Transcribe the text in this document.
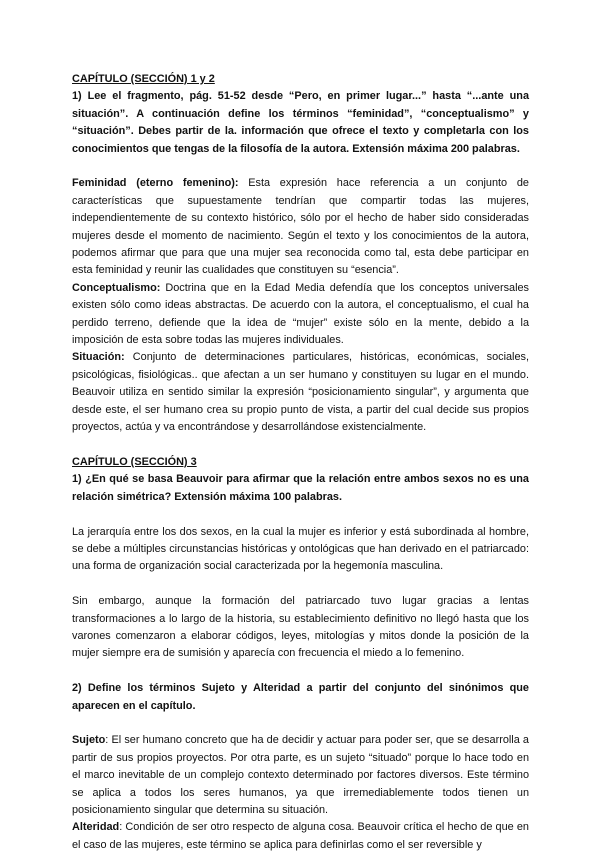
CAPÍTULO (SECCIÓN) 1 y 2

1) Lee el fragmento, pág. 51-52 desde “Pero, en primer lugar...” hasta “...ante una situación”. A continuación define los términos “feminidad”, “conceptualismo” y “situación”. Debes partir de la. información que ofrece el texto y completarla con los conocimientos que tengas de la filosofía de la autora. Extensión máxima 200 palabras.

Feminidad (eterno femenino): Esta expresión hace referencia a un conjunto de características que supuestamente tendrían que compartir todas las mujeres, independientemente de su contexto histórico, sólo por el hecho de haber sido consideradas mujeres desde el momento de nacimiento. Según el texto y los conocimientos de la autora, podemos afirmar que para que una mujer sea reconocida como tal, esta debe participar en esta feminidad y reunir las cualidades que constituyen su “esencia”.

Conceptualismo: Doctrina que en la Edad Media defendía que los conceptos universales existen sólo como ideas abstractas. De acuerdo con la autora, el conceptualismo, el cual ha perdido terreno, defiende que la idea de “mujer” existe sólo en la mente, debido a la imposición de esta sobre todas las mujeres individuales.

Situación: Conjunto de determinaciones particulares, históricas, económicas, sociales, psicológicas, fisiológicas.. que afectan a un ser humano y constituyen su lugar en el mundo. Beauvoir utiliza en sentido similar la expresión “posicionamiento singular”, y argumenta que desde este, el ser humano crea su propio punto de vista, a partir del cual decide sus propios proyectos, actúa y va encontrándose y desarrollándose existencialmente.

CAPÍTULO (SECCIÓN) 3

1) ¿En qué se basa Beauvoir para afirmar que la relación entre ambos sexos no es una relación simétrica? Extensión máxima 100 palabras.

La jerarquía entre los dos sexos, en la cual la mujer es inferior y está subordinada al hombre, se debe a múltiples circunstancias históricas y ontológicas que han derivado en el patriarcado: una forma de organización social caracterizada por la hegemonía masculina.

Sin embargo, aunque la formación del patriarcado tuvo lugar gracias a lentas transformaciones a lo largo de la historia, su establecimiento definitivo no llegó hasta que los varones comenzaron a elaborar códigos, leyes, mitologías y mitos donde la posición de la mujer siempre era de sumisión y aparecía con frecuencia el miedo a lo femenino.

2) Define los términos Sujeto y Alteridad a partir del conjunto del sinónimos que aparecen en el capítulo.

Sujeto: El ser humano concreto que ha de decidir y actuar para poder ser, que se desarrolla a partir de sus propios proyectos. Por otra parte, es un sujeto “situado” porque lo hace todo en el marco inevitable de un complejo contexto determinado por factores diversos. Este término se aplica a todos los seres humanos, ya que irremediablemente todos tienen un posicionamiento singular que determina su situación.

Alteridad: Condición de ser otro respecto de alguna cosa. Beauvoir crítica el hecho de que en el caso de las mujeres, este término se aplica para definirlas como el ser reversible y
